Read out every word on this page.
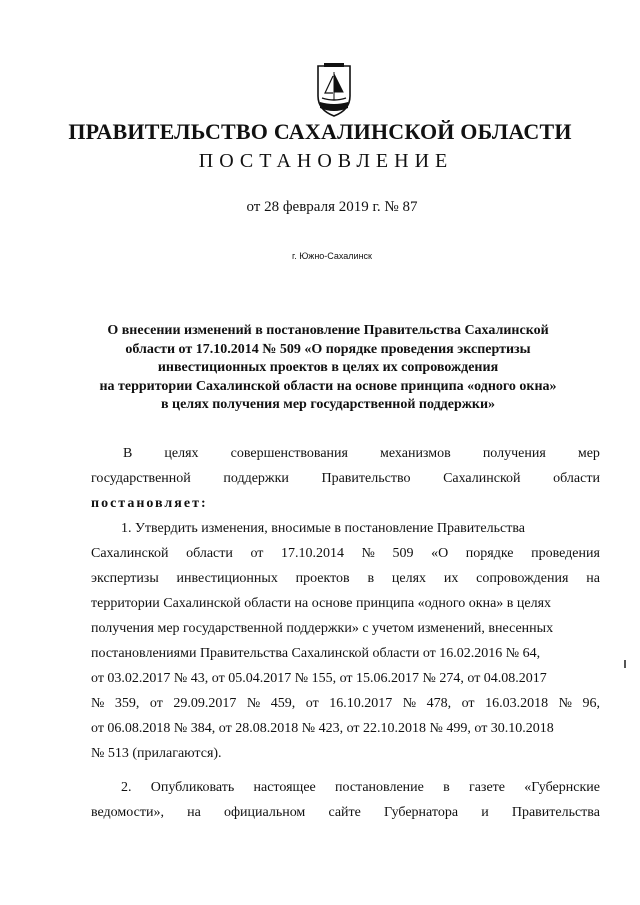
ПРАВИТЕЛЬСТВО САХАЛИНСКОЙ ОБЛАСТИ
ПОСТАНОВЛЕНИЕ
от 28 февраля 2019 г. № 87
г. Южно-Сахалинск
О внесении изменений в постановление Правительства Сахалинской
области от 17.10.2014 № 509 «О порядке проведения экспертизы
инвестиционных проектов в целях их сопровождения
на территории Сахалинской области на основе принципа «одного окна»
в целях получения мер государственной поддержки»
В целях совершенствования механизмов получения мер
государственной поддержки Правительство Сахалинской области
постановляет:
1. Утвердить изменения, вносимые в постановление Правительства
Сахалинской области от 17.10.2014 № 509 «О порядке проведения
экспертизы инвестиционных проектов в целях их сопровождения на
территории Сахалинской области на основе принципа «одного окна» в целях
получения мер государственной поддержки» с учетом изменений, внесенных
постановлениями Правительства Сахалинской области от 16.02.2016 № 64,
от 03.02.2017 № 43, от 05.04.2017 № 155, от 15.06.2017 № 274, от 04.08.2017
№ 359, от 29.09.2017 № 459, от 16.10.2017 № 478, от 16.03.2018 № 96,
от 06.08.2018 № 384, от 28.08.2018 № 423, от 22.10.2018 № 499, от 30.10.2018
№ 513 (прилагаются).
2. Опубликовать настоящее постановление в газете «Губернские
ведомости», на официальном сайте Губернатора и Правительства
